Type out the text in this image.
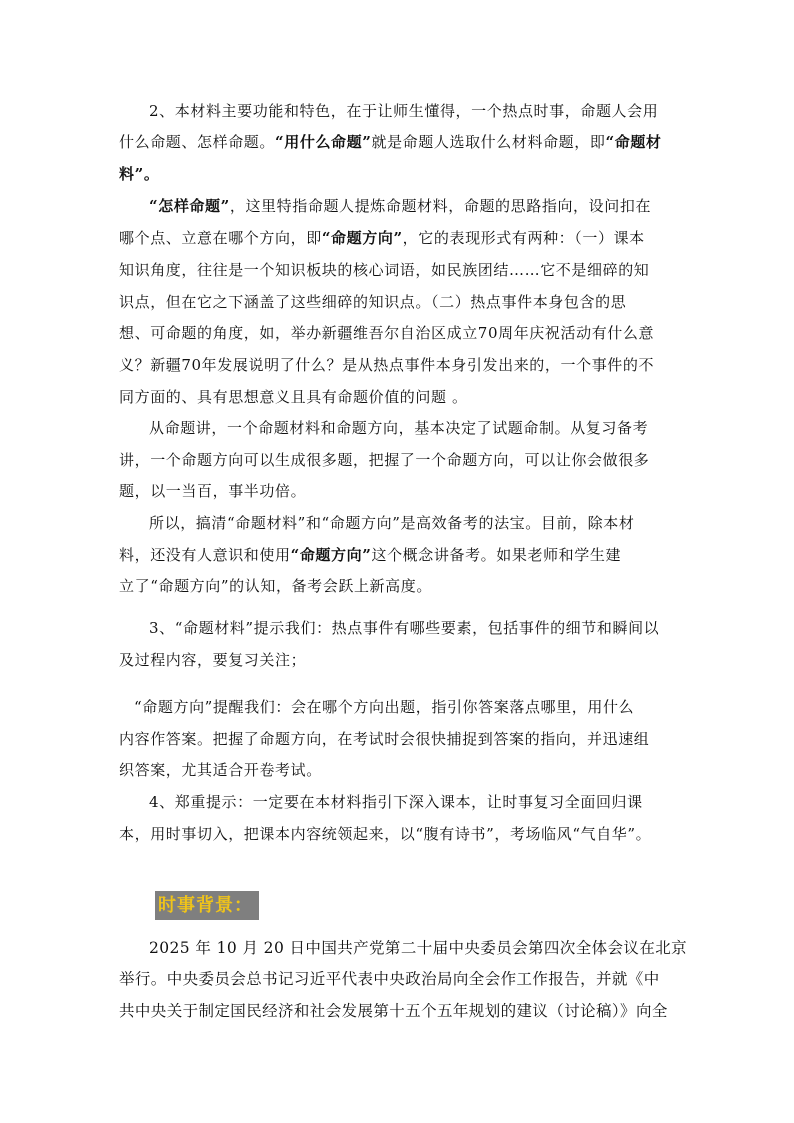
2、本材料主要功能和特色，在于让师生懂得，一个热点时事，命题人会用
什么命题、怎样命题。“用什么命题”就是命题人选取什么材料命题，即“命题材
料”。
“怎样命题”，这里特指命题人提炼命题材料，命题的思路指向，设问扣在
哪个点、立意在哪个方向，即“命题方向”，它的表现形式有两种：（一）课本
知识角度，往往是一个知识板块的核心词语，如民族团结……它不是细碎的知
识点，但在它之下涵盖了这些细碎的知识点。（二）热点事件本身包含的思
想、可命题的角度，如，举办新疆维吾尔自治区成立70周年庆祝活动有什么意
义？新疆70年发展说明了什么？是从热点事件本身引发出来的，一个事件的不
同方面的、具有思想意义且具有命题价值的问题 。
从命题讲，一个命题材料和命题方向，基本决定了试题命制。从复习备考
讲，一个命题方向可以生成很多题，把握了一个命题方向，可以让你会做很多
题，以一当百，事半功倍。
所以，搞清“命题材料”和“命题方向”是高效备考的法宝。目前，除本材
料，还没有人意识和使用“命题方向”这个概念讲备考。如果老师和学生建
立了“命题方向”的认知，备考会跃上新高度。
3、“命题材料”提示我们：热点事件有哪些要素，包括事件的细节和瞬间以
及过程内容，要复习关注；
“命题方向”提醒我们：会在哪个方向出题，指引你答案落点哪里，用什么
内容作答案。把握了命题方向，在考试时会很快捕捉到答案的指向，并迅速组
织答案，尤其适合开卷考试。
4、郑重提示：一定要在本材料指引下深入课本，让时事复习全面回归课
本，用时事切入，把课本内容统领起来，以“腹有诗书”，考场临风“气自华”。
时事背景：
2025 年 10 月 20 日中国共产党第二十届中央委员会第四次全体会议在北京
举行。中央委员会总书记习近平代表中央政治局向全会作工作报告，并就《中
共中央关于制定国民经济和社会发展第十五个五年规划的建议（讨论稿）》向全
